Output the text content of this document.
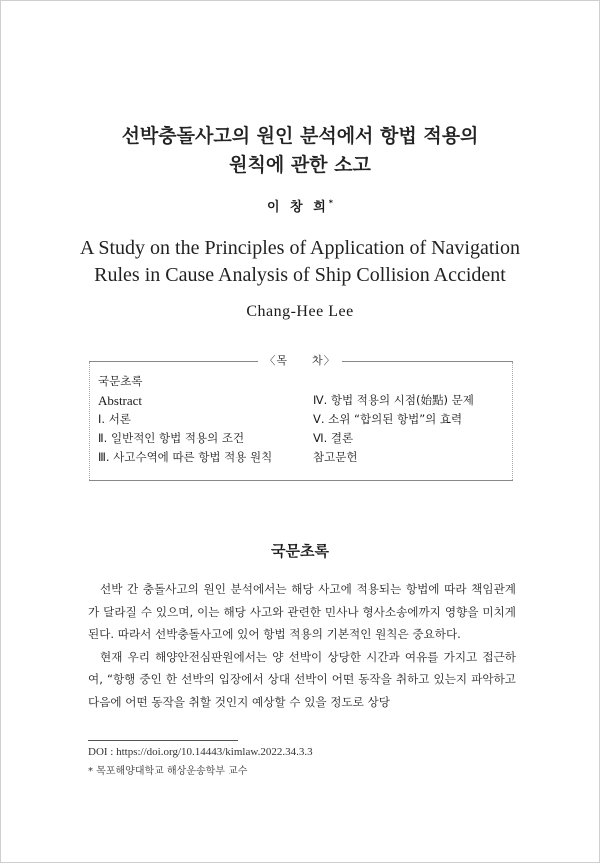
선박충돌사고의 원인 분석에서 항법 적용의
원칙에 관한 소고
이 창 희*
A Study on the Principles of Application of Navigation
Rules in Cause Analysis of Ship Collision Accident
Chang-Hee Lee
〈목　　차〉
국문초록
Abstract
Ⅰ. 서론
Ⅱ. 일반적인 항법 적용의 조건
Ⅲ. 사고수역에 따른 항법 적용 원칙
Ⅳ. 항법 적용의 시점(始點) 문제
Ⅴ. 소위 “합의된 항법”의 효력
Ⅵ. 결론
참고문헌
국문초록

선박 간 충돌사고의 원인 분석에서는 해당 사고에 적용되는 항법에 따라 책임관계가 달라질 수 있으며, 이는 해당 사고와 관련한 민사나 형사소송에까지 영향을 미치게 된다. 따라서 선박충돌사고에 있어 항법 적용의 기본적인 원칙은 중요하다.

현재 우리 해양안전심판원에서는 양 선박이 상당한 시간과 여유를 가지고 접근하여, “항행 중인 한 선박의 입장에서 상대 선박이 어떤 동작을 취하고 있는지 파악하고 다음에 어떤 동작을 취할 것인지 예상할 수 있을 정도로 상당

DOI : https://doi.org/10.14443/kimlaw.2022.34.3.3
* 목포해양대학교 해상운송학부 교수
